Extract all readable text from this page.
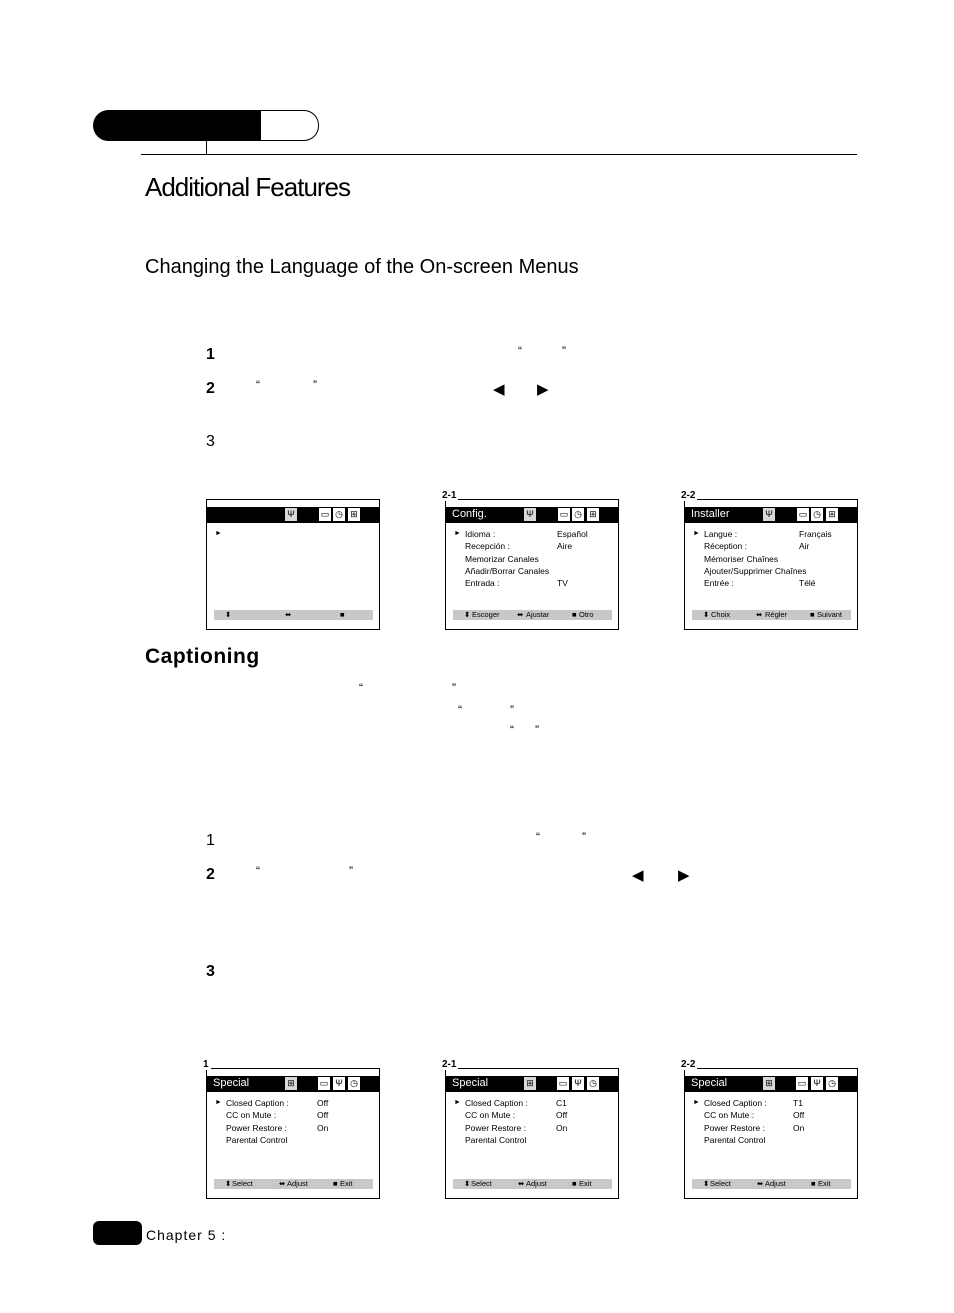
Additional Features
Changing the Language of the On-screen Menus
1	“	”
2	“	”	◀ ▶
3
Ψ	▭ ◷ ⊞
►
⬍	⬌	■
2-1
Config.	Ψ	▭ ◷ ⊞
► Idioma :	Español
Recepción :	Aire
Memorizar Canales
Añadir/Borrar Canales
Entrada :	TV
⬍ Escoger ⬌ Ajustar	■ Otro
2-2
Installer	Ψ	▭ ◷ ⊞
► Langue :	Français
Réception :	Air
Mémoriser Chaînes
Ajouter/Supprimer Chaînes
Entrée :	Télé
⬍ Choix	⬌ Régler	■ Suivant
Captioning
“	”
“	”
“ ”
1	“	”
2	“	”	◀ ▶
3
1
Special	⊞	▭ Ψ ◷
► Closed Caption :	Off
CC on Mute :	Off
Power Restore :	On
Parental Control
⬍ Select	⬌ Adjust	■ Exit
2-1
Special	⊞	▭ Ψ ◷
► Closed Caption :	C1
CC on Mute :	Off
Power Restore :	On
Parental Control
⬍ Select	⬌ Adjust	■ Exit
2-2
Special	⊞	▭ Ψ ◷
► Closed Caption :	T1
CC on Mute :	Off
Power Restore :	On
Parental Control
⬍ Select	⬌ Adjust	■ Exit
Chapter 5 :
